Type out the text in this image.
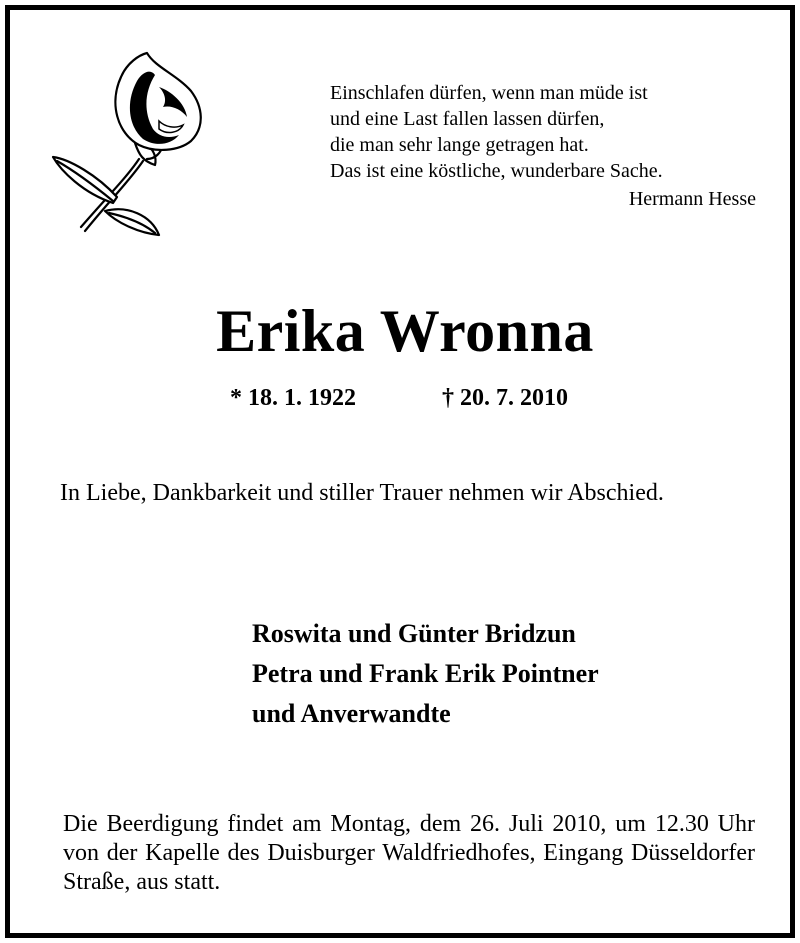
Einschlafen dürfen, wenn man müde ist
und eine Last fallen lassen dürfen,
die man sehr lange getragen hat.
Das ist eine köstliche, wunderbare Sache.
Hermann Hesse
Erika Wronna
* 18. 1. 1922	† 20. 7. 2010
In Liebe, Dankbarkeit und stiller Trauer nehmen wir Abschied.
Roswita und Günter Bridzun
Petra und Frank Erik Pointner
und Anverwandte
Die Beerdigung findet am Montag, dem 26. Juli 2010, um 12.30 Uhr von der Kapelle des Duisburger Waldfriedhofes, Eingang Düsseldorfer Straße, aus statt.
